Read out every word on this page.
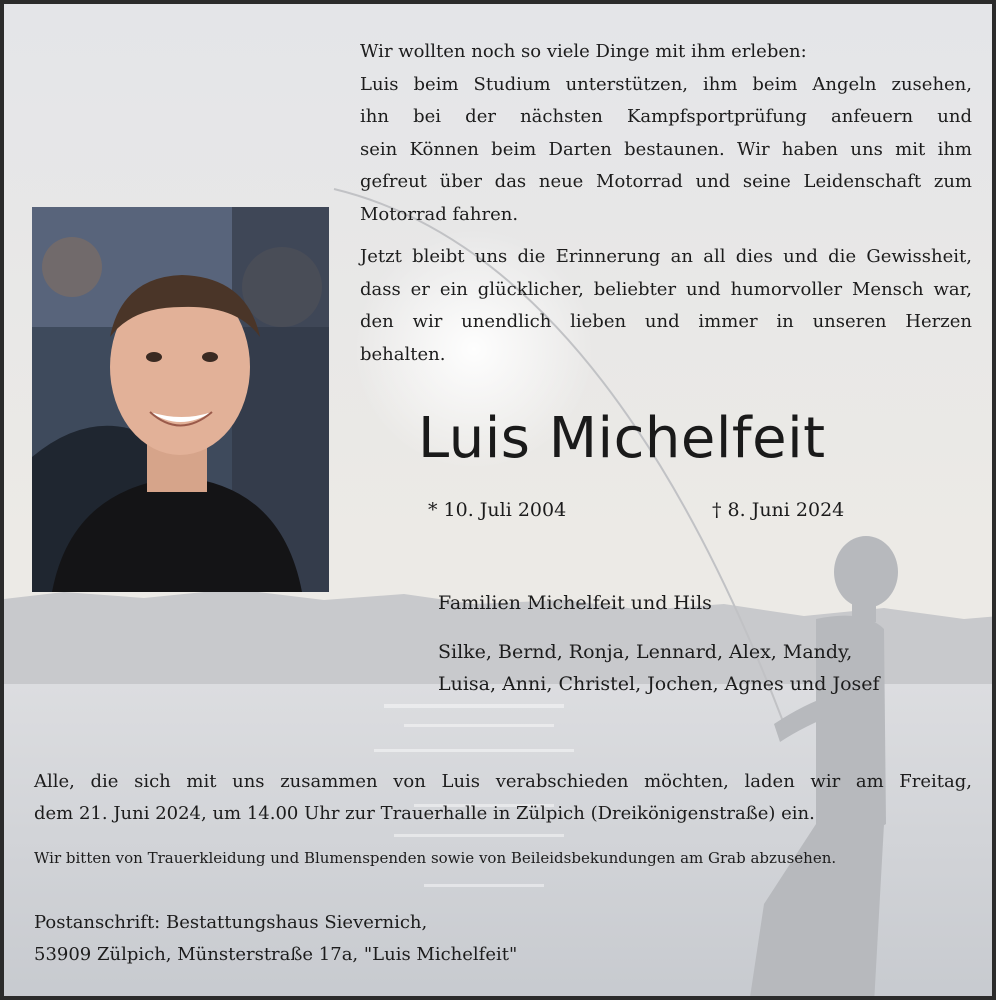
Wir wollten noch so viele Dinge mit ihm erleben:
Luis beim Studium unterstützen, ihm beim Angeln zusehen,
ihn bei der nächsten Kampfsportprüfung anfeuern und
sein Können beim Darten bestaunen. Wir haben uns mit ihm
gefreut über das neue Motorrad und seine Leidenschaft zum
Motorrad fahren.

Jetzt bleibt uns die Erinnerung an all dies und die Gewissheit,
dass er ein glücklicher, beliebter und humorvoller Mensch war,
den wir unendlich lieben und immer in unseren Herzen
behalten.

Luis Michelfeit
* 10. Juli 2004	† 8. Juni 2024
Familien Michelfeit und Hils
Silke, Bernd, Ronja, Lennard, Alex, Mandy,
Luisa, Anni, Christel, Jochen, Agnes und Josef
Alle, die sich mit uns zusammen von Luis verabschieden möchten, laden wir am Freitag,
dem 21. Juni 2024, um 14.00 Uhr zur Trauerhalle in Zülpich (Dreikönigenstraße) ein.
Wir bitten von Trauerkleidung und Blumenspenden sowie von Beileidsbekundungen am Grab abzusehen.
Postanschrift: Bestattungshaus Sievernich,
53909 Zülpich, Münsterstraße 17a, "Luis Michelfeit"
